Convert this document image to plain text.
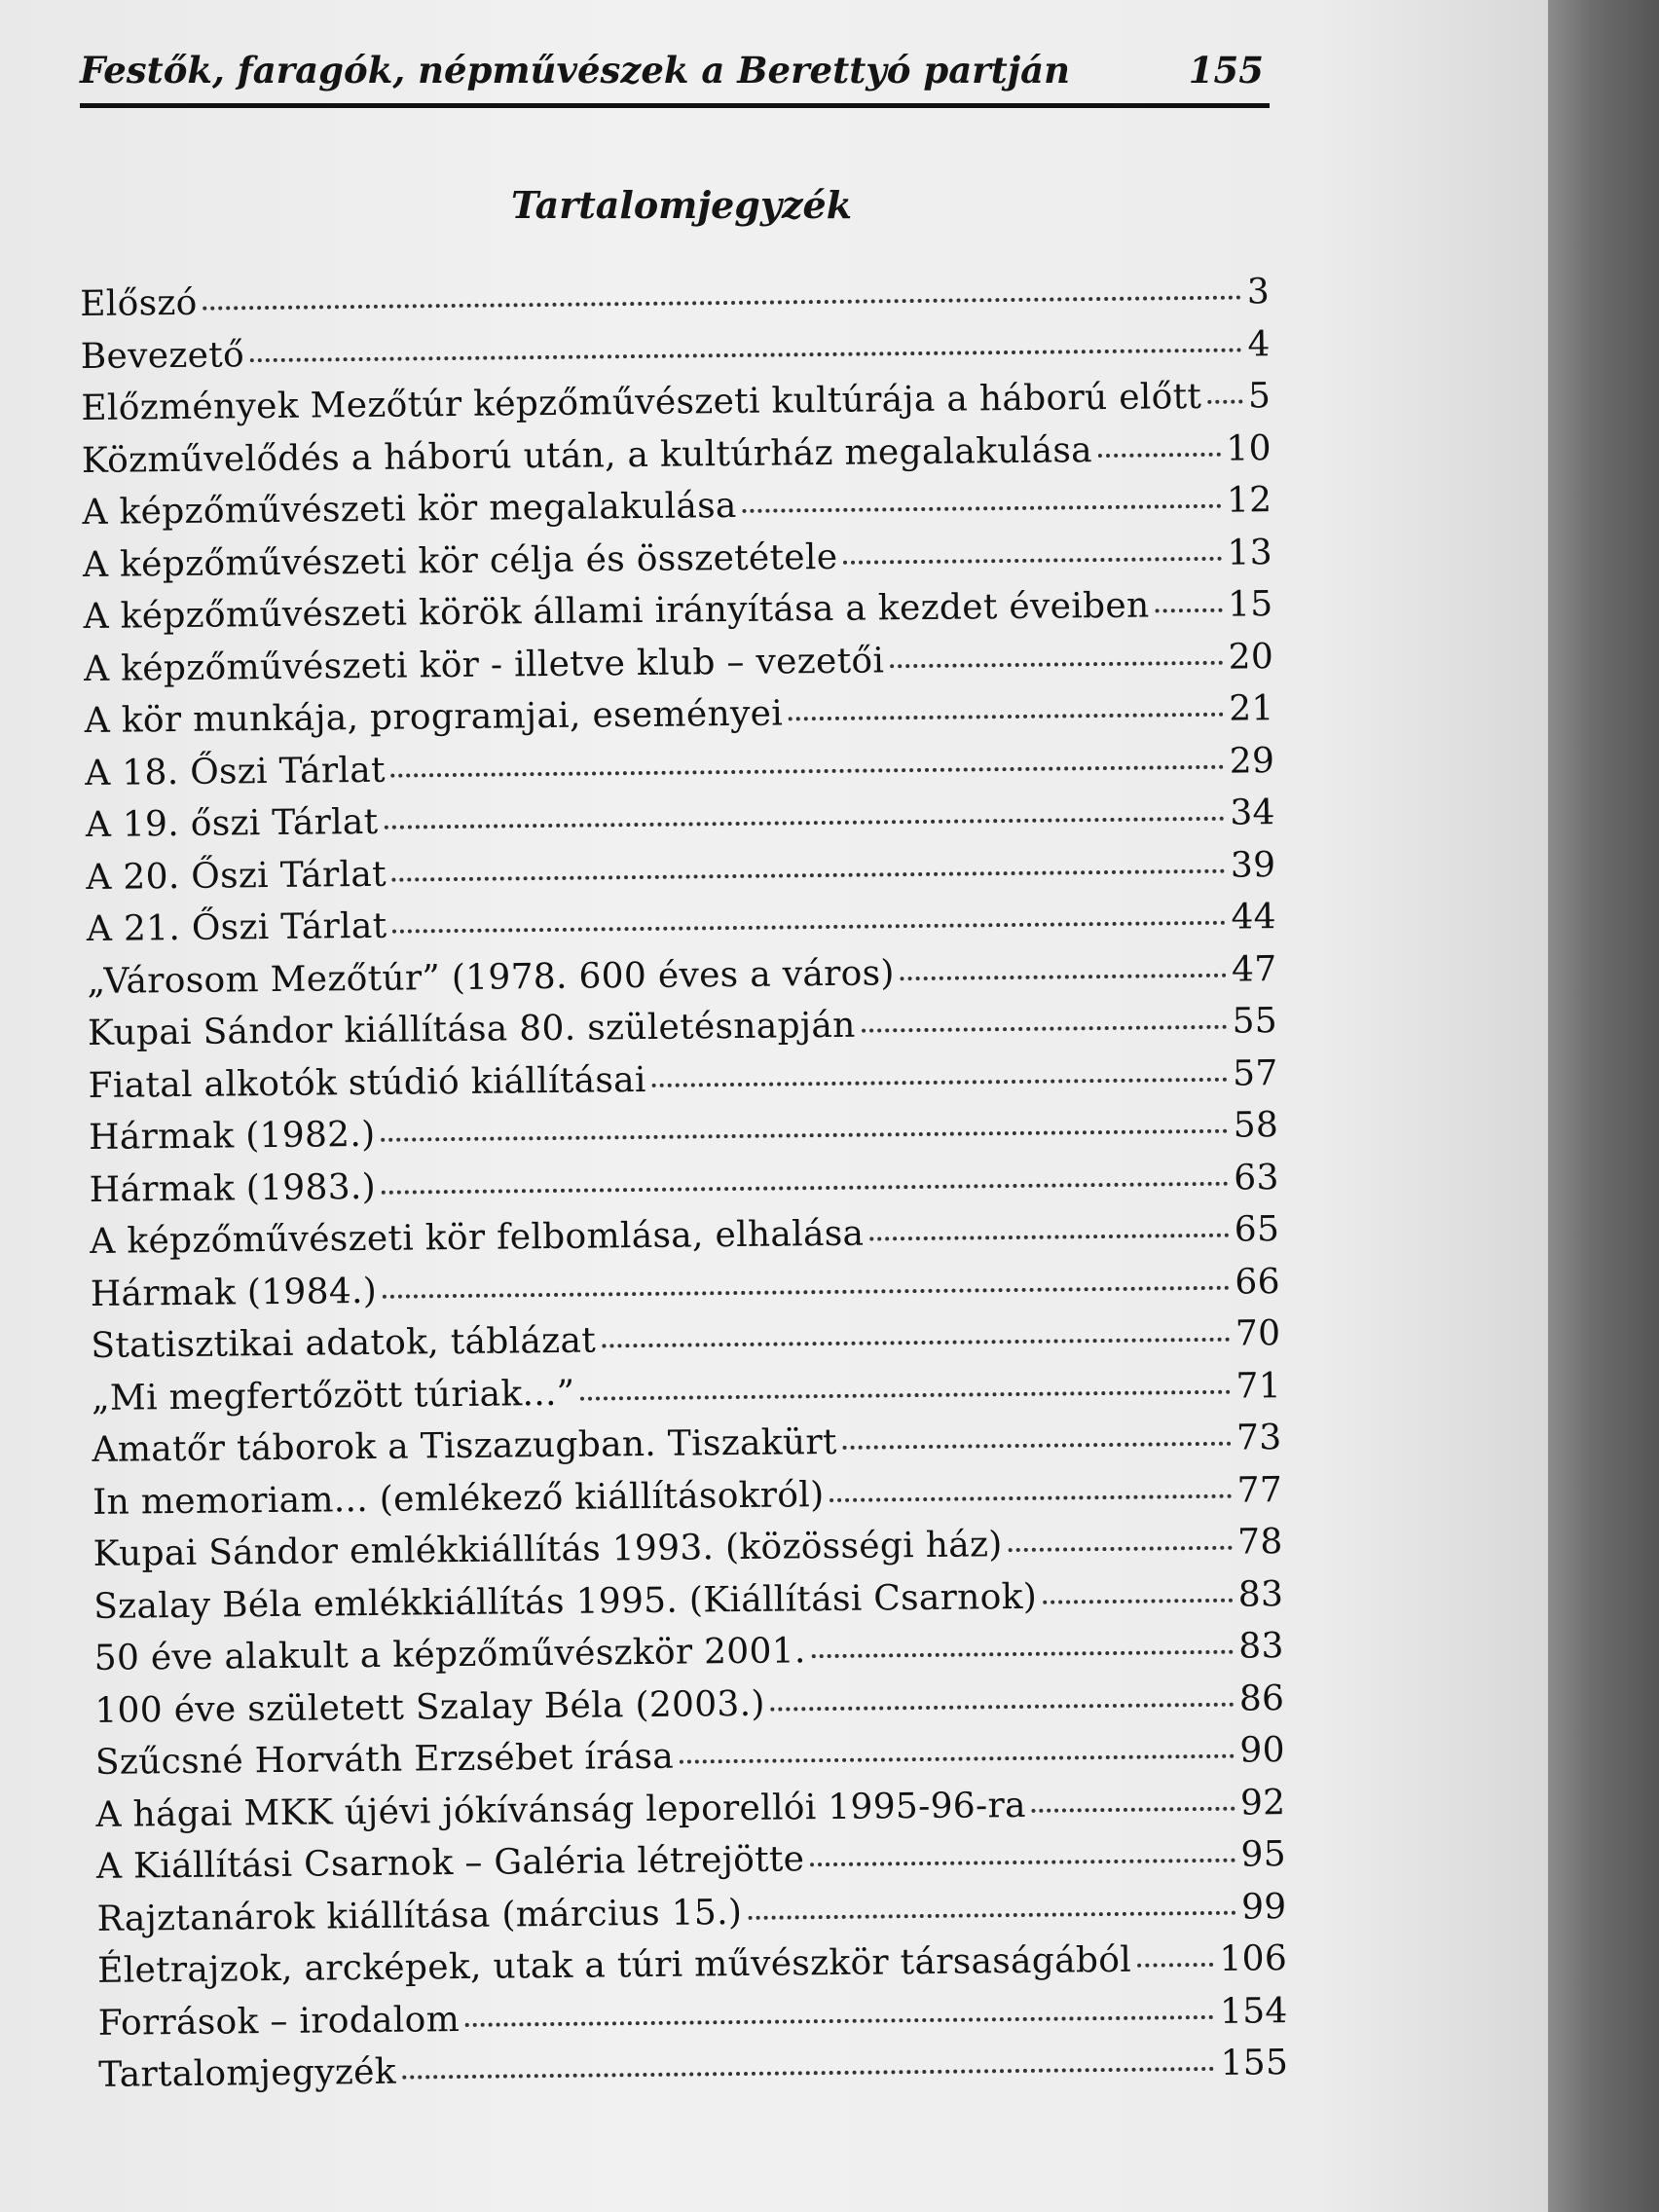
Festők, faragók, népművészek a Berettyó partján	155
Tartalomjegyzék
Előszó	3
Bevezető	4
Előzmények Mezőtúr képzőművészeti kultúrája a háború előtt 5
Közművelődés a háború után, a kultúrház megalakulása	10
A képzőművészeti kör megalakulása	12
A képzőművészeti kör célja és összetétele	13
A képzőművészeti körök állami irányítása a kezdet éveiben 15
A képzőművészeti kör - illetve klub – vezetői	20
A kör munkája, programjai, eseményei	21
A 18. Őszi Tárlat	29
A 19. őszi Tárlat	34
A 20. Őszi Tárlat	39
A 21. Őszi Tárlat	44
„Városom Mezőtúr” (1978. 600 éves a város)	47
Kupai Sándor kiállítása 80. születésnapján	55
Fiatal alkotók stúdió kiállításai	57
Hármak (1982.)	58
Hármak (1983.)	63
A képzőművészeti kör felbomlása, elhalása	65
Hármak (1984.)	66
Statisztikai adatok, táblázat	70
„Mi megfertőzött túriak...”	71
Amatőr táborok a Tiszazugban. Tiszakürt	73
In memoriam... (emlékező kiállításokról)	77
Kupai Sándor emlékkiállítás 1993. (közösségi ház)	78
Szalay Béla emlékkiállítás 1995. (Kiállítási Csarnok)	83
50 éve alakult a képzőművészkör 2001.	83
100 éve született Szalay Béla (2003.)	86
Szűcsné Horváth Erzsébet írása	90
A hágai MKK újévi jókívánság leporellói 1995-96-ra	92
A Kiállítási Csarnok – Galéria létrejötte	95
Rajztanárok kiállítása (március 15.)	99
Életrajzok, arcképek, utak a túri művészkör társaságából 106
Források – irodalom	154
Tartalomjegyzék	155
